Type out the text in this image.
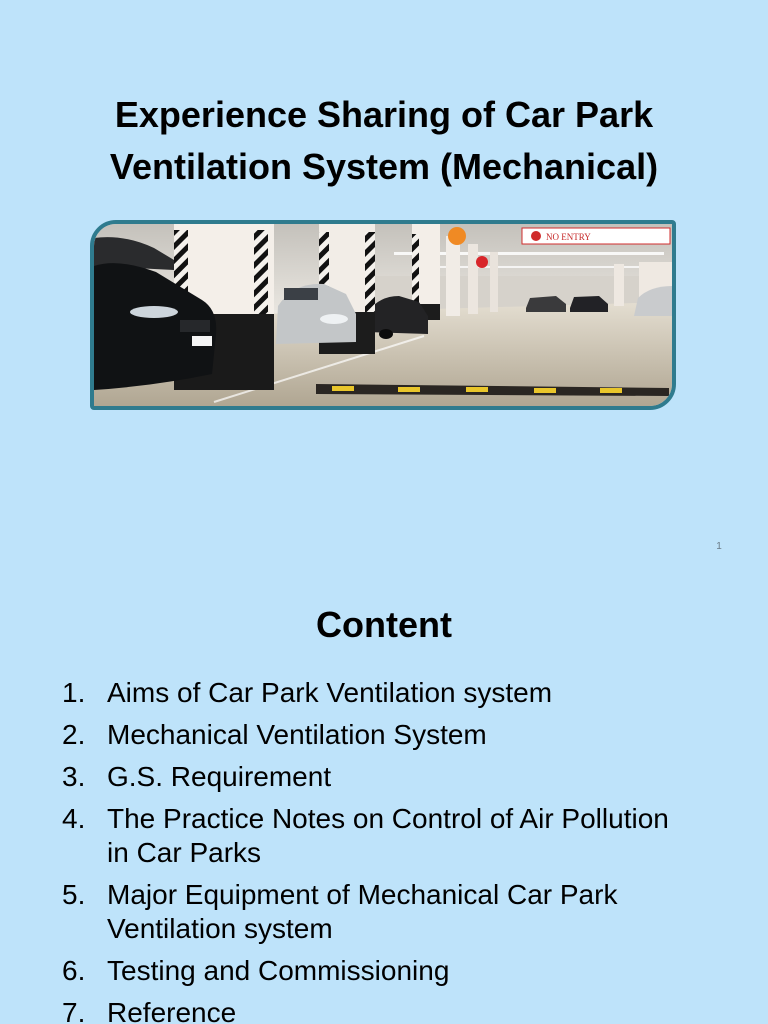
Experience Sharing of Car Park Ventilation System (Mechanical)
NO ENTRY
1
Content
1. Aims of Car Park Ventilation system
2. Mechanical Ventilation System
3. G.S. Requirement
4. The Practice Notes on Control of Air Pollution in Car Parks
5. Major Equipment of Mechanical Car Park Ventilation system
6. Testing and Commissioning
7. Reference
